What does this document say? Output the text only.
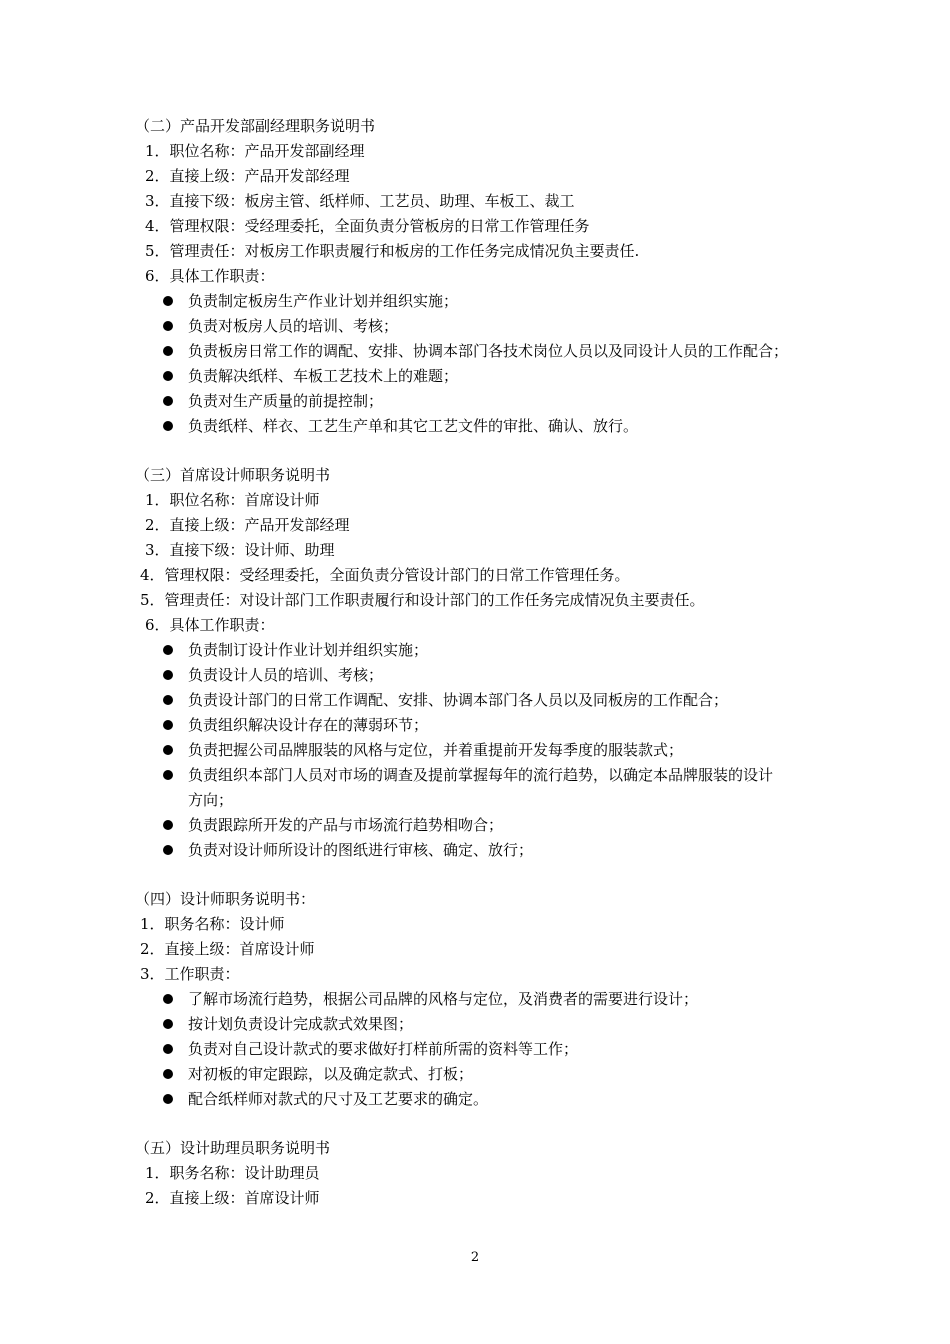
（二）产品开发部副经理职务说明书
1．职位名称：产品开发部副经理
2．直接上级：产品开发部经理
3．直接下级：板房主管、纸样师、工艺员、助理、车板工、裁工
4．管理权限：受经理委托，全面负责分管板房的日常工作管理任务
5．管理责任：对板房工作职责履行和板房的工作任务完成情况负主要责任.
6．具体工作职责：
负责制定板房生产作业计划并组织实施；
负责对板房人员的培训、考核；
负责板房日常工作的调配、安排、协调本部门各技术岗位人员以及同设计人员的工作配合；
负责解决纸样、车板工艺技术上的难题；
负责对生产质量的前提控制；
负责纸样、样衣、工艺生产单和其它工艺文件的审批、确认、放行。
（三）首席设计师职务说明书
1．职位名称：首席设计师
2．直接上级：产品开发部经理
3．直接下级：设计师、助理
4．管理权限：受经理委托，全面负责分管设计部门的日常工作管理任务。
5．管理责任：对设计部门工作职责履行和设计部门的工作任务完成情况负主要责任。
6．具体工作职责：
负责制订设计作业计划并组织实施；
负责设计人员的培训、考核；
负责设计部门的日常工作调配、安排、协调本部门各人员以及同板房的工作配合；
负责组织解决设计存在的薄弱环节；
负责把握公司品牌服装的风格与定位，并着重提前开发每季度的服装款式；
负责组织本部门人员对市场的调查及提前掌握每年的流行趋势，以确定本品牌服装的设计
方向；
负责跟踪所开发的产品与市场流行趋势相吻合；
负责对设计师所设计的图纸进行审核、确定、放行；
（四）设计师职务说明书：
1．职务名称：设计师
2．直接上级：首席设计师
3．工作职责：
了解市场流行趋势，根据公司品牌的风格与定位，及消费者的需要进行设计；
按计划负责设计完成款式效果图；
负责对自己设计款式的要求做好打样前所需的资料等工作；
对初板的审定跟踪，以及确定款式、打板；
配合纸样师对款式的尺寸及工艺要求的确定。
（五）设计助理员职务说明书
1．职务名称：设计助理员
2．直接上级：首席设计师
2
